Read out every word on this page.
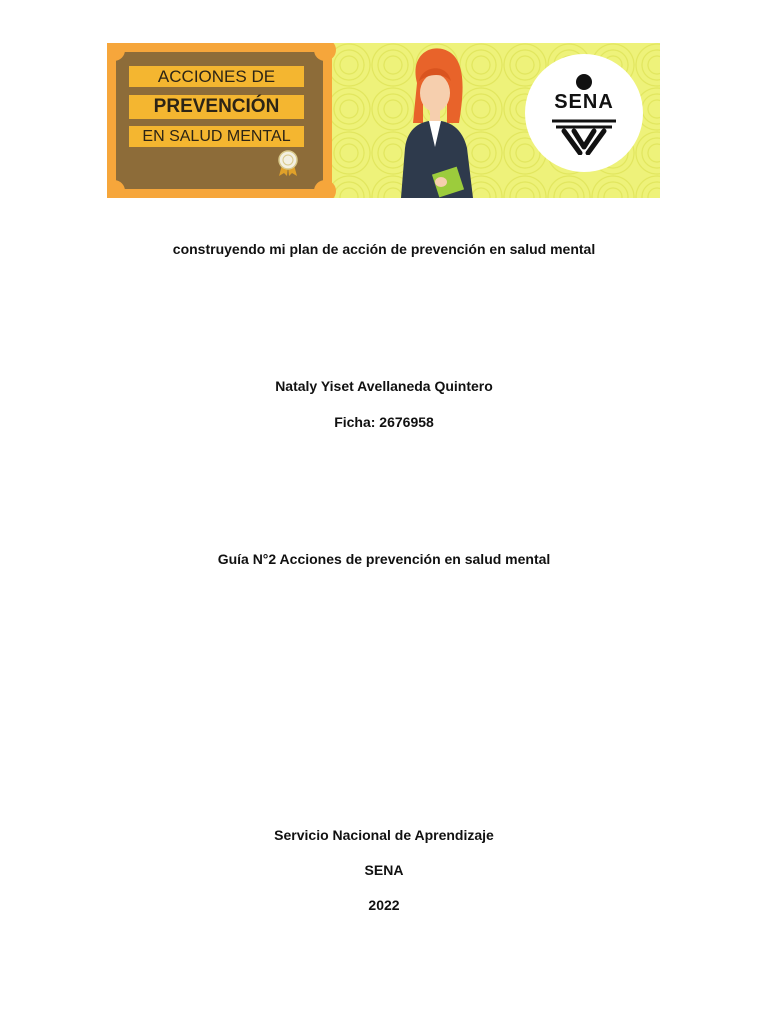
ACCIONES DE
PREVENCIÓN
EN SALUD MENTAL
SENA
construyendo mi plan de acción de prevención en salud mental
Nataly Yiset Avellaneda Quintero
Ficha: 2676958
Guía N°2 Acciones de prevención en salud mental
Servicio Nacional de Aprendizaje
SENA
2022
